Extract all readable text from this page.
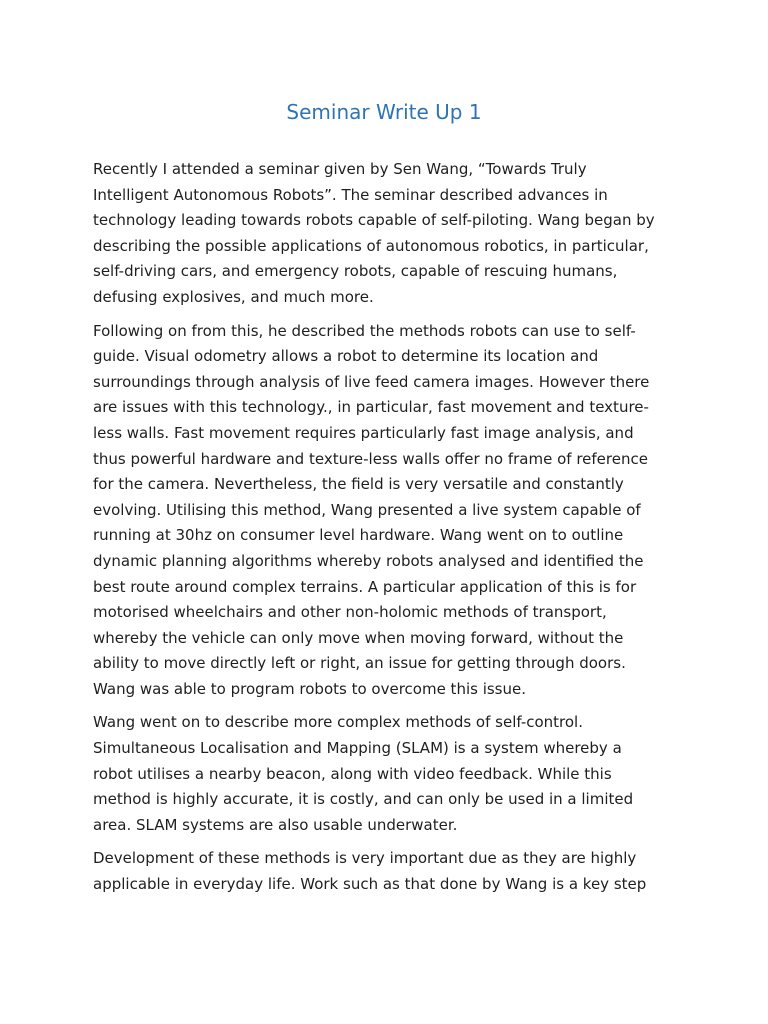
Seminar Write Up 1

Recently I attended a seminar given by Sen Wang, “Towards Truly
Intelligent Autonomous Robots”. The seminar described advances in
technology leading towards robots capable of self-piloting. Wang began by
describing the possible applications of autonomous robotics, in particular,
self-driving cars, and emergency robots, capable of rescuing humans,
defusing explosives, and much more.

Following on from this, he described the methods robots can use to self-
guide. Visual odometry allows a robot to determine its location and
surroundings through analysis of live feed camera images. However there
are issues with this technology., in particular, fast movement and texture-
less walls. Fast movement requires particularly fast image analysis, and
thus powerful hardware and texture-less walls offer no frame of reference
for the camera. Nevertheless, the field is very versatile and constantly
evolving. Utilising this method, Wang presented a live system capable of
running at 30hz on consumer level hardware. Wang went on to outline
dynamic planning algorithms whereby robots analysed and identified the
best route around complex terrains. A particular application of this is for
motorised wheelchairs and other non-holomic methods of transport,
whereby the vehicle can only move when moving forward, without the
ability to move directly left or right, an issue for getting through doors.
Wang was able to program robots to overcome this issue.

Wang went on to describe more complex methods of self-control.
Simultaneous Localisation and Mapping (SLAM) is a system whereby a
robot utilises a nearby beacon, along with video feedback. While this
method is highly accurate, it is costly, and can only be used in a limited
area. SLAM systems are also usable underwater.

Development of these methods is very important due as they are highly
applicable in everyday life. Work such as that done by Wang is a key step
